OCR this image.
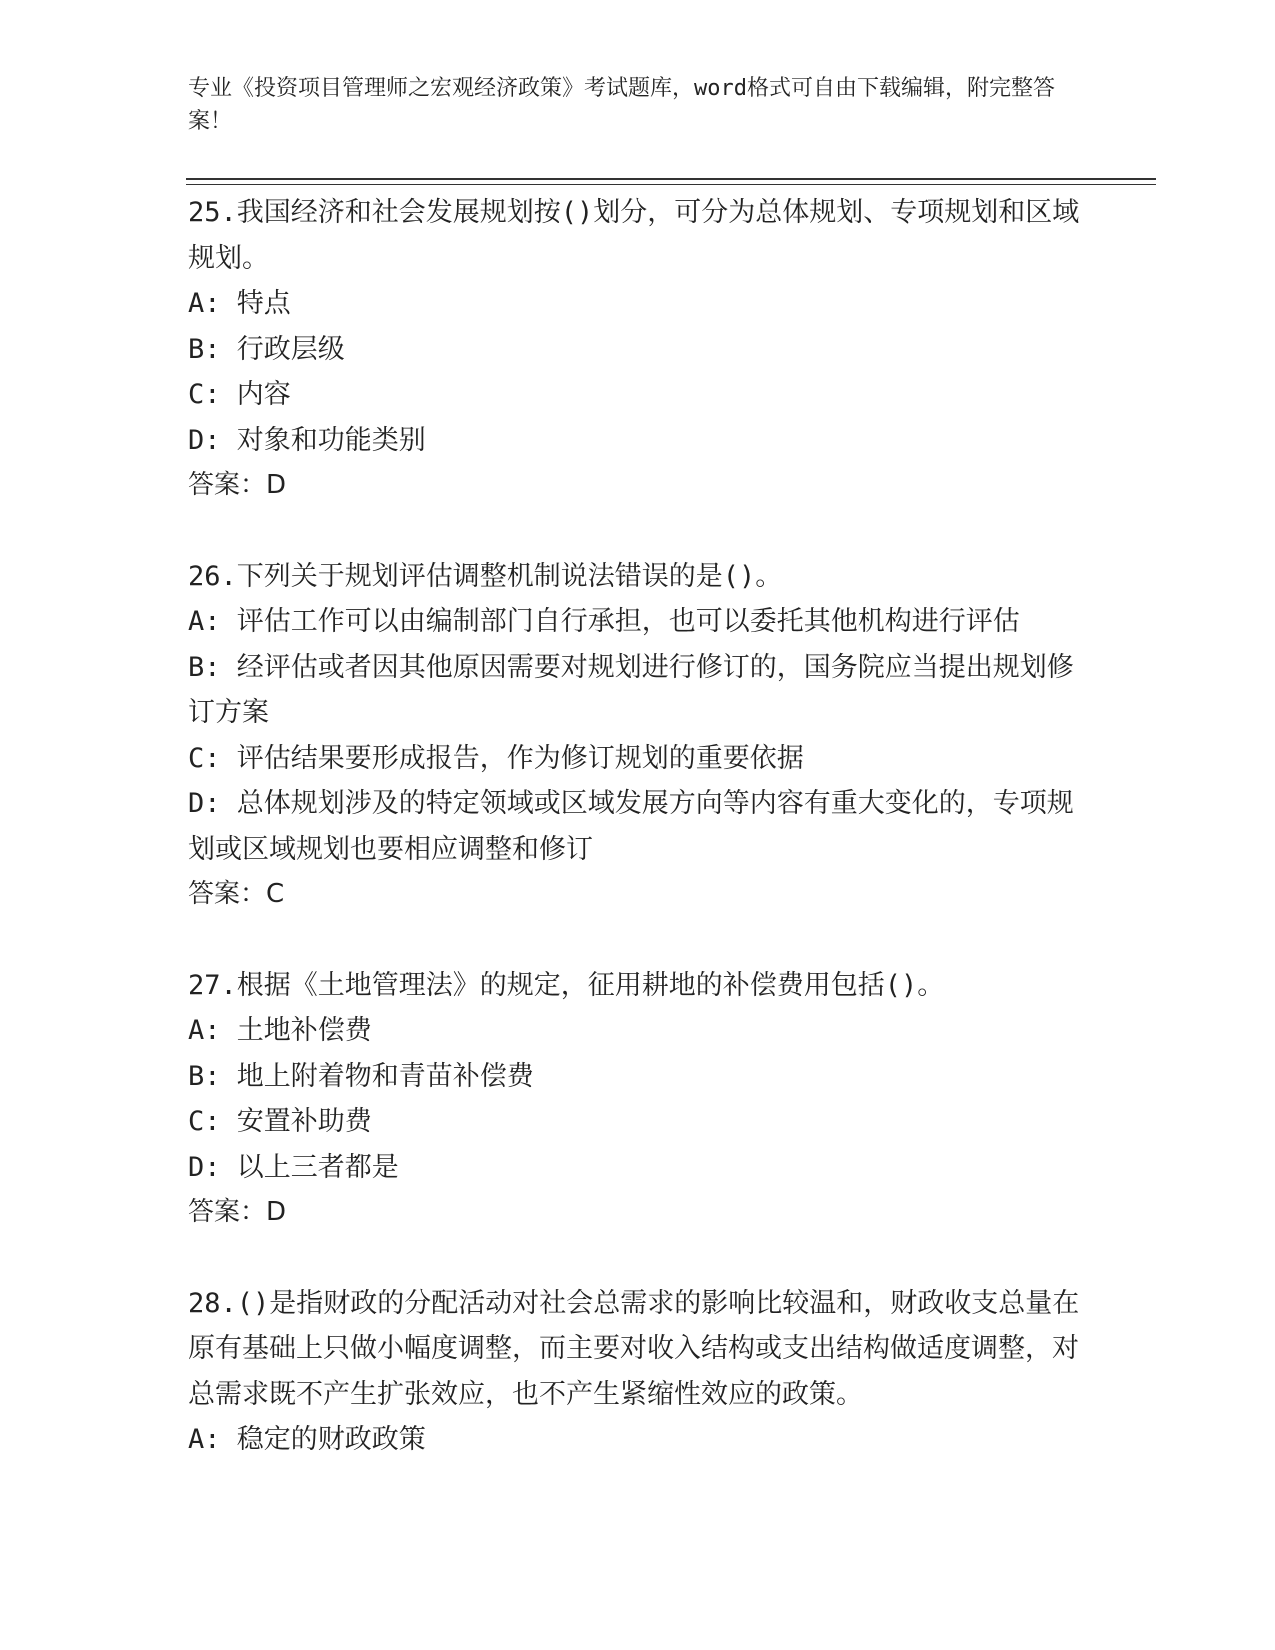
专业《投资项目管理师之宏观经济政策》考试题库，word格式可自由下载编辑，附完整答案！
25.我国经济和社会发展规划按()划分，可分为总体规划、专项规划和区域规划。
A: 特点
B: 行政层级
C: 内容
D: 对象和功能类别
答案：D
26.下列关于规划评估调整机制说法错误的是()。
A: 评估工作可以由编制部门自行承担，也可以委托其他机构进行评估
B: 经评估或者因其他原因需要对规划进行修订的，国务院应当提出规划修订方案
C: 评估结果要形成报告，作为修订规划的重要依据
D: 总体规划涉及的特定领域或区域发展方向等内容有重大变化的，专项规划或区域规划也要相应调整和修订
答案：C
27.根据《土地管理法》的规定，征用耕地的补偿费用包括()。
A: 土地补偿费
B: 地上附着物和青苗补偿费
C: 安置补助费
D: 以上三者都是
答案：D
28.()是指财政的分配活动对社会总需求的影响比较温和，财政收支总量在原有基础上只做小幅度调整，而主要对收入结构或支出结构做适度调整，对总需求既不产生扩张效应，也不产生紧缩性效应的政策。
A: 稳定的财政政策
